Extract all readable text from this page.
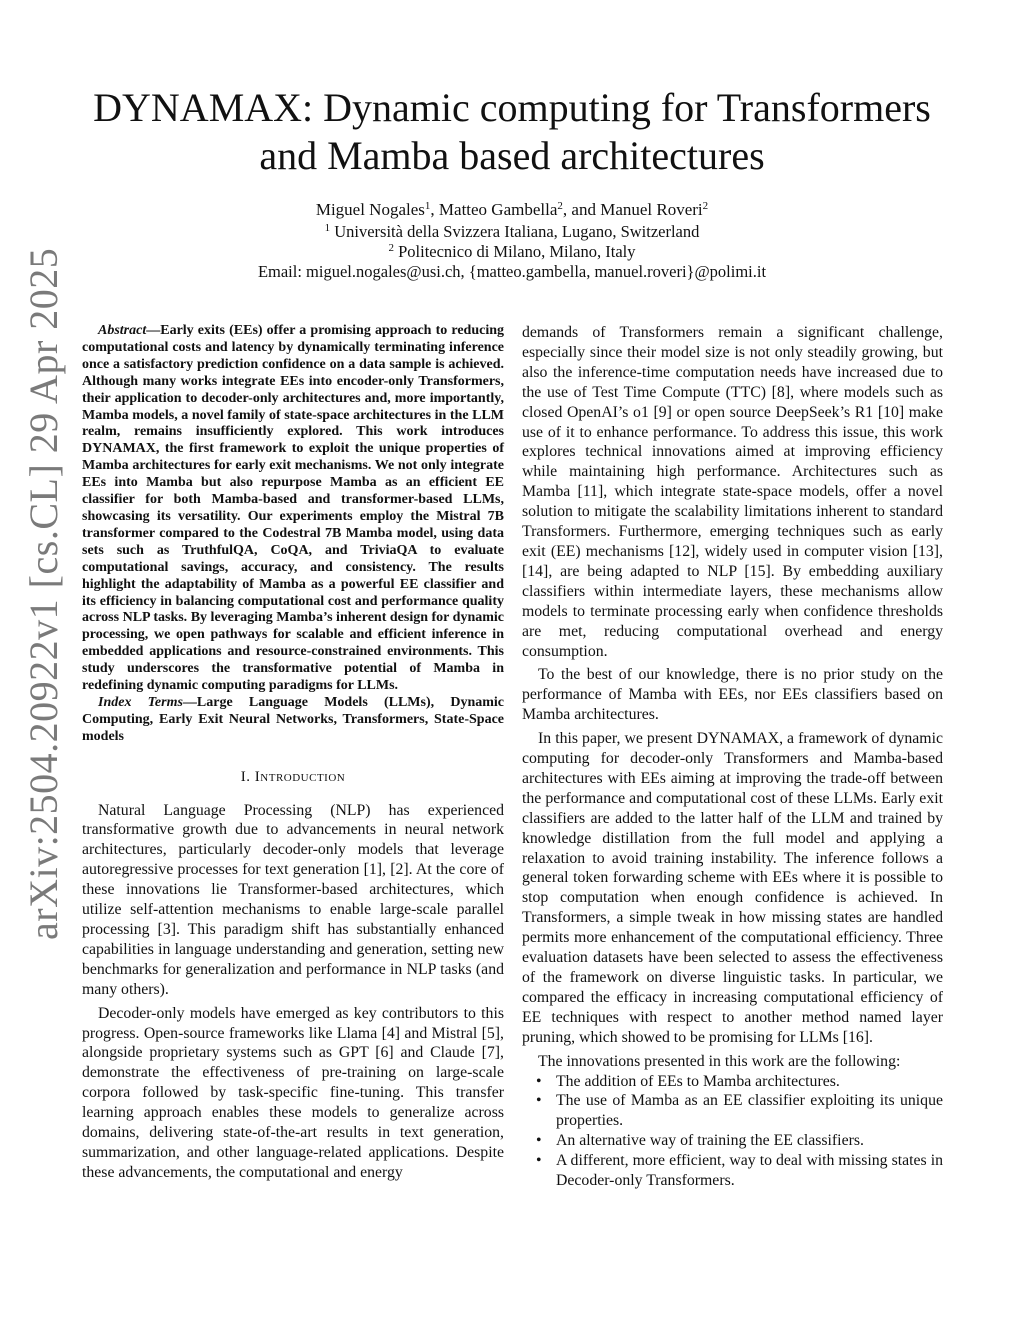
arXiv:2504.20922v1 [cs.CL] 29 Apr 2025
DYNAMAX: Dynamic computing for Transformers
and Mamba based architectures
Miguel Nogales$^1$, Matteo Gambella$^2$, and Manuel Roveri$^2$
$^1$ Università della Svizzera Italiana, Lugano, Switzerland
$^2$ Politecnico di Milano, Milano, Italy
Email: miguel.nogales@usi.ch, {matteo.gambella, manuel.roveri}@polimi.it

Abstract—Early exits (EEs) offer a promising approach to reducing computational costs and latency by dynamically terminating inference once a satisfactory prediction confidence on a data sample is achieved. Although many works integrate EEs into encoder-only Transformers, their application to decoder-only architectures and, more importantly, Mamba models, a novel family of state-space architectures in the LLM realm, remains insufficiently explored. This work introduces DYNAMAX, the first framework to exploit the unique properties of Mamba architectures for early exit mechanisms. We not only integrate EEs into Mamba but also repurpose Mamba as an efficient EE classifier for both Mamba-based and transformer-based LLMs, showcasing its versatility. Our experiments employ the Mistral 7B transformer compared to the Codestral 7B Mamba model, using data sets such as TruthfulQA, CoQA, and TriviaQA to evaluate computational savings, accuracy, and consistency. The results highlight the adaptability of Mamba as a powerful EE classifier and its efficiency in balancing computational cost and performance quality across NLP tasks. By leveraging Mamba’s inherent design for dynamic processing, we open pathways for scalable and efficient inference in embedded applications and resource-constrained environments. This study underscores the transformative potential of Mamba in redefining dynamic computing paradigms for LLMs.

Index Terms—Large Language Models (LLMs), Dynamic Computing, Early Exit Neural Networks, Transformers, State-Space models

I. Introduction

Natural Language Processing (NLP) has experienced transformative growth due to advancements in neural network architectures, particularly decoder-only models that leverage autoregressive processes for text generation [1], [2]. At the core of these innovations lie Transformer-based architectures, which utilize self-attention mechanisms to enable large-scale parallel processing [3]. This paradigm shift has substantially enhanced capabilities in language understanding and generation, setting new benchmarks for generalization and performance in NLP tasks (and many others).

Decoder-only models have emerged as key contributors to this progress. Open-source frameworks like Llama [4] and Mistral [5], alongside proprietary systems such as GPT [6] and Claude [7], demonstrate the effectiveness of pre-training on large-scale corpora followed by task-specific fine-tuning. This transfer learning approach enables these models to generalize across domains, delivering state-of-the-art results in text generation, summarization, and other language-related applications. Despite these advancements, the computational and energy

demands of Transformers remain a significant challenge, especially since their model size is not only steadily growing, but also the inference-time computation needs have increased due to the use of Test Time Compute (TTC) [8], where models such as closed OpenAI’s o1 [9] or open source DeepSeek’s R1 [10] make use of it to enhance performance. To address this issue, this work explores technical innovations aimed at improving efficiency while maintaining high performance. Architectures such as Mamba [11], which integrate state-space models, offer a novel solution to mitigate the scalability limitations inherent to standard Transformers. Furthermore, emerging techniques such as early exit (EE) mechanisms [12], widely used in computer vision [13], [14], are being adapted to NLP [15]. By embedding auxiliary classifiers within intermediate layers, these mechanisms allow models to terminate processing early when confidence thresholds are met, reducing computational overhead and energy consumption.

To the best of our knowledge, there is no prior study on the performance of Mamba with EEs, nor EEs classifiers based on Mamba architectures.

In this paper, we present DYNAMAX, a framework of dynamic computing for decoder-only Transformers and Mamba-based architectures with EEs aiming at improving the trade-off between the performance and computational cost of these LLMs. Early exit classifiers are added to the latter half of the LLM and trained by knowledge distillation from the full model and applying a relaxation to avoid training instability. The inference follows a general token forwarding scheme with EEs where it is possible to stop computation when enough confidence is achieved. In Transformers, a simple tweak in how missing states are handled permits more enhancement of the computational efficiency. Three evaluation datasets have been selected to assess the effectiveness of the framework on diverse linguistic tasks. In particular, we compared the efficacy in increasing computational efficiency of EE techniques with respect to another method named layer pruning, which showed to be promising for LLMs [16].

The innovations presented in this work are the following:

• The addition of EEs to Mamba architectures.
• The use of Mamba as an EE classifier exploiting its unique properties.
• An alternative way of training the EE classifiers.
• A different, more efficient, way to deal with missing states in Decoder-only Transformers.
